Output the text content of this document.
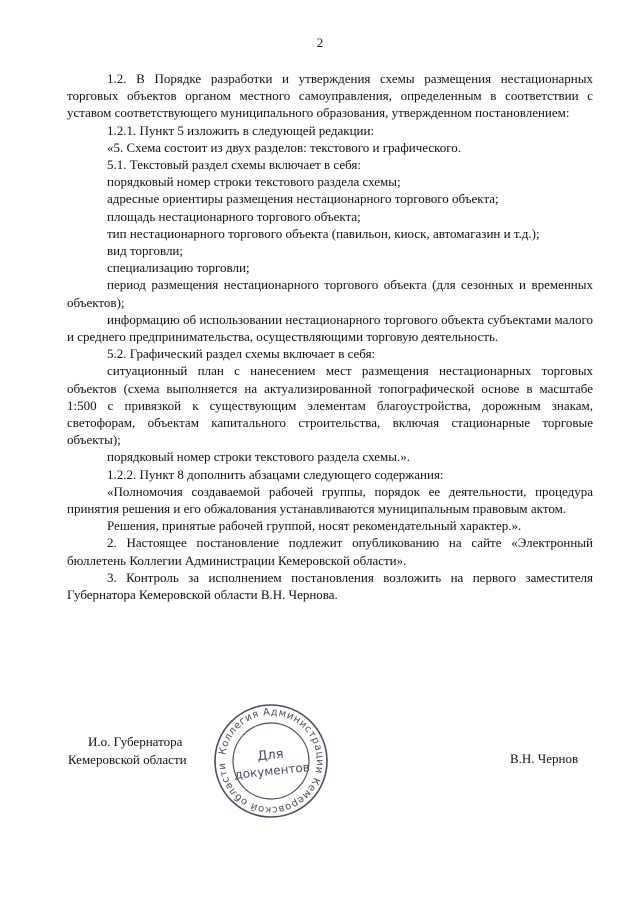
2

1.2. В Порядке разработки и утверждения схемы размещения нестационарных торговых объектов органом местного самоуправления, определенным в соответствии с уставом соответствующего муниципального образования, утвержденном постановлением:

1.2.1. Пункт 5 изложить в следующей редакции:

«5. Схема состоит из двух разделов: текстового и графического.

5.1. Текстовый раздел схемы включает в себя:

порядковый номер строки текстового раздела схемы;

адресные ориентиры размещения нестационарного торгового объекта;

площадь нестационарного торгового объекта;

тип нестационарного торгового объекта (павильон, киоск, автомагазин и т.д.);

вид торговли;

специализацию торговли;

период размещения нестационарного торгового объекта (для сезонных и временных объектов);

информацию об использовании нестационарного торгового объекта субъектами малого и среднего предпринимательства, осуществляющими торговую деятельность.

5.2. Графический раздел схемы включает в себя:

ситуационный план с нанесением мест размещения нестационарных торговых объектов (схема выполняется на актуализированной топографической основе в масштабе 1:500 с привязкой к существующим элементам благоустройства, дорожным знакам, светофорам, объектам капитального строительства, включая стационарные торговые объекты);

порядковый номер строки текстового раздела схемы.».

1.2.2. Пункт 8 дополнить абзацами следующего содержания:

«Полномочия создаваемой рабочей группы, порядок ее деятельности, процедура принятия решения и его обжалования устанавливаются муниципальным правовым актом.

Решения, принятые рабочей группой, носят рекомендательный характер.».

2. Настоящее постановление подлежит опубликованию на сайте «Электронный бюллетень Коллегии Администрации Кемеровской области».

3. Контроль за исполнением постановления возложить на первого заместителя Губернатора Кемеровской области В.Н. Чернова.

И.о. Губернатора
Кемеровской области	В.Н. Чернов
Коллегия Администрации Кемеровской области
Для
документов
